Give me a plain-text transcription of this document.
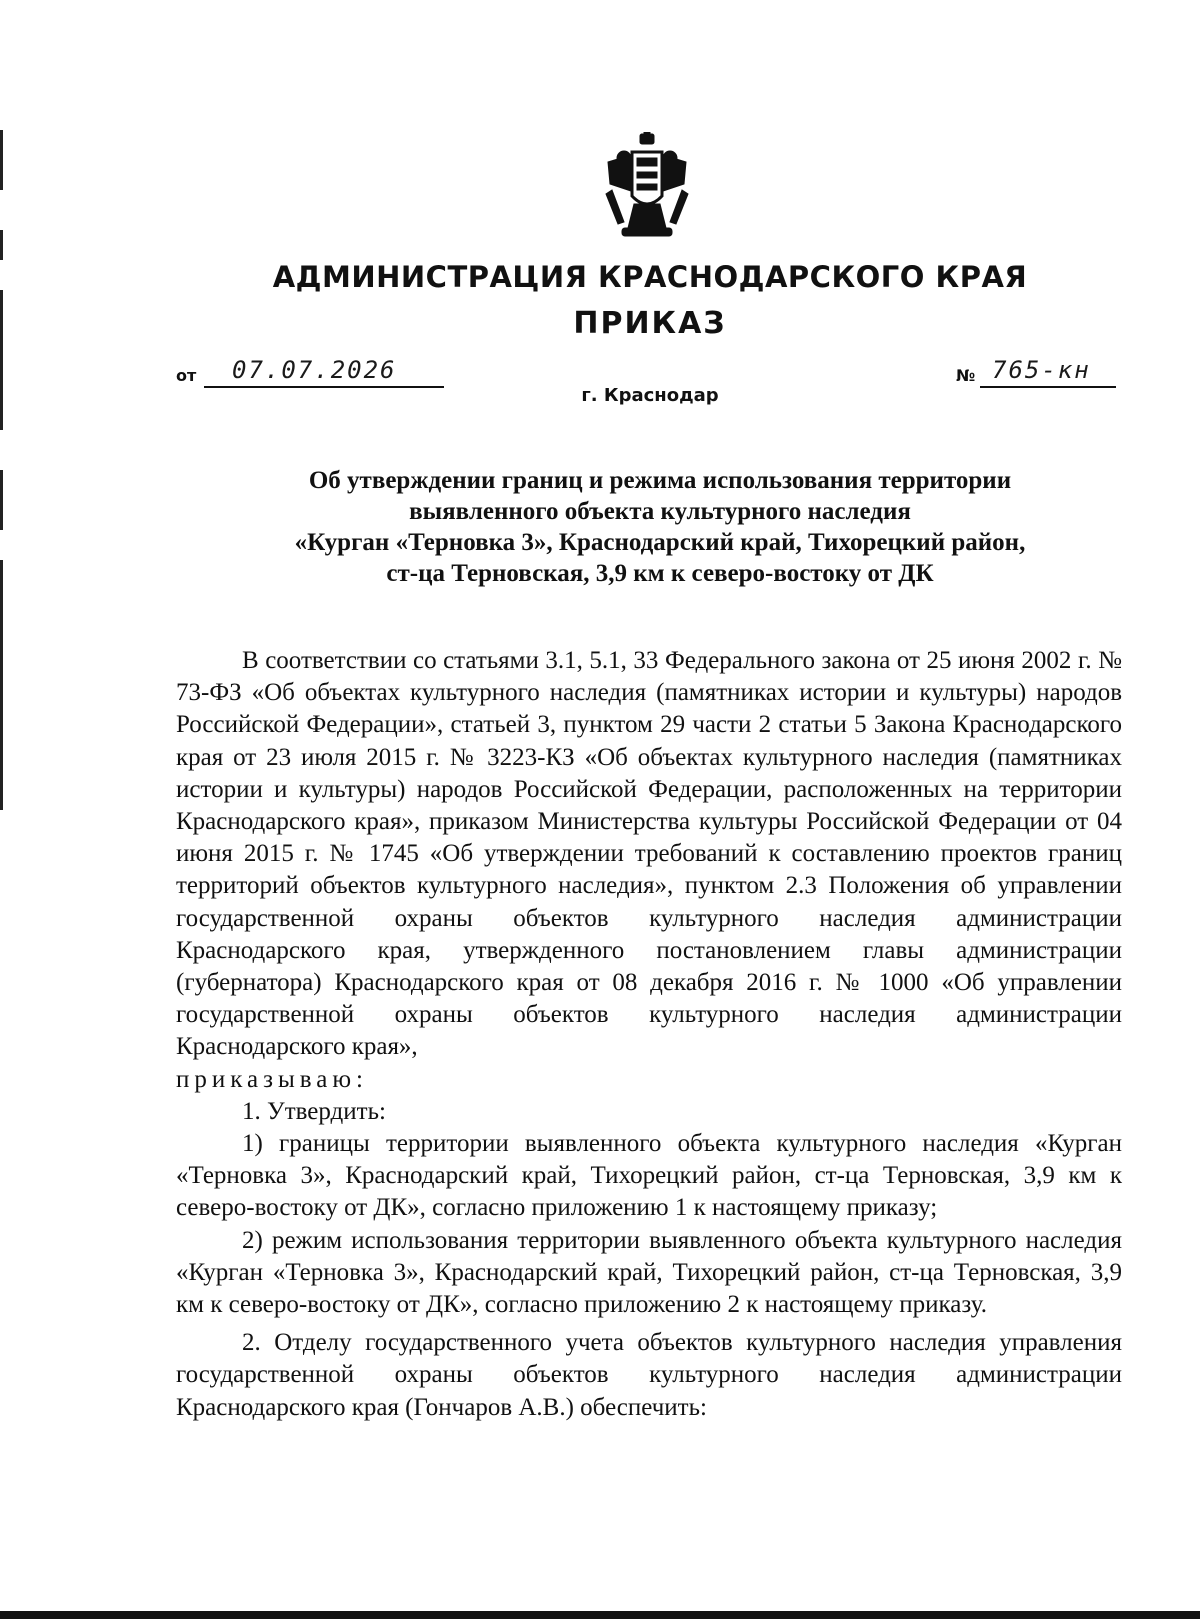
АДМИНИСТРАЦИЯ КРАСНОДАРСКОГО КРАЯ
ПРИКАЗ
от 07.07.2026	№ 765-кн
г. Краснодар
Об утверждении границ и режима использования территории
выявленного объекта культурного наследия
«Курган «Терновка 3», Краснодарский край, Тихорецкий район,
ст-ца Терновская, 3,9 км к северо-востоку от ДК

В соответствии со статьями 3.1, 5.1, 33 Федерального закона от 25 июня 2002 г. № 73-ФЗ «Об объектах культурного наследия (памятниках истории и культуры) народов Российской Федерации», статьей 3, пунктом 29 части 2 статьи 5 Закона Краснодарского края от 23 июля 2015 г. № 3223-КЗ «Об объектах культурного наследия (памятниках истории и культуры) народов Российской Федерации, расположенных на территории Краснодарского края», приказом Министерства культуры Российской Федерации от 04 июня 2015 г. № 1745 «Об утверждении требований к составлению проектов границ территорий объектов культурного наследия», пунктом 2.3 Положения об управлении государственной охраны объектов культурного наследия администрации Краснодарского края, утвержденного постановлением главы администрации (губернатора) Краснодарского края от 08 декабря 2016 г. № 1000 «Об управлении государственной охраны объектов культурного наследия администрации Краснодарского края»,

приказываю:

1. Утвердить:

1) границы территории выявленного объекта культурного наследия «Курган «Терновка 3», Краснодарский край, Тихорецкий район, ст-ца Терновская, 3,9 км к северо-востоку от ДК», согласно приложению 1 к настоящему приказу;

2) режим использования территории выявленного объекта культурного наследия «Курган «Терновка 3», Краснодарский край, Тихорецкий район, ст-ца Терновская, 3,9 км к северо-востоку от ДК», согласно приложению 2 к настоящему приказу.

2. Отделу государственного учета объектов культурного наследия управления государственной охраны объектов культурного наследия администрации Краснодарского края (Гончаров А.В.) обеспечить:
